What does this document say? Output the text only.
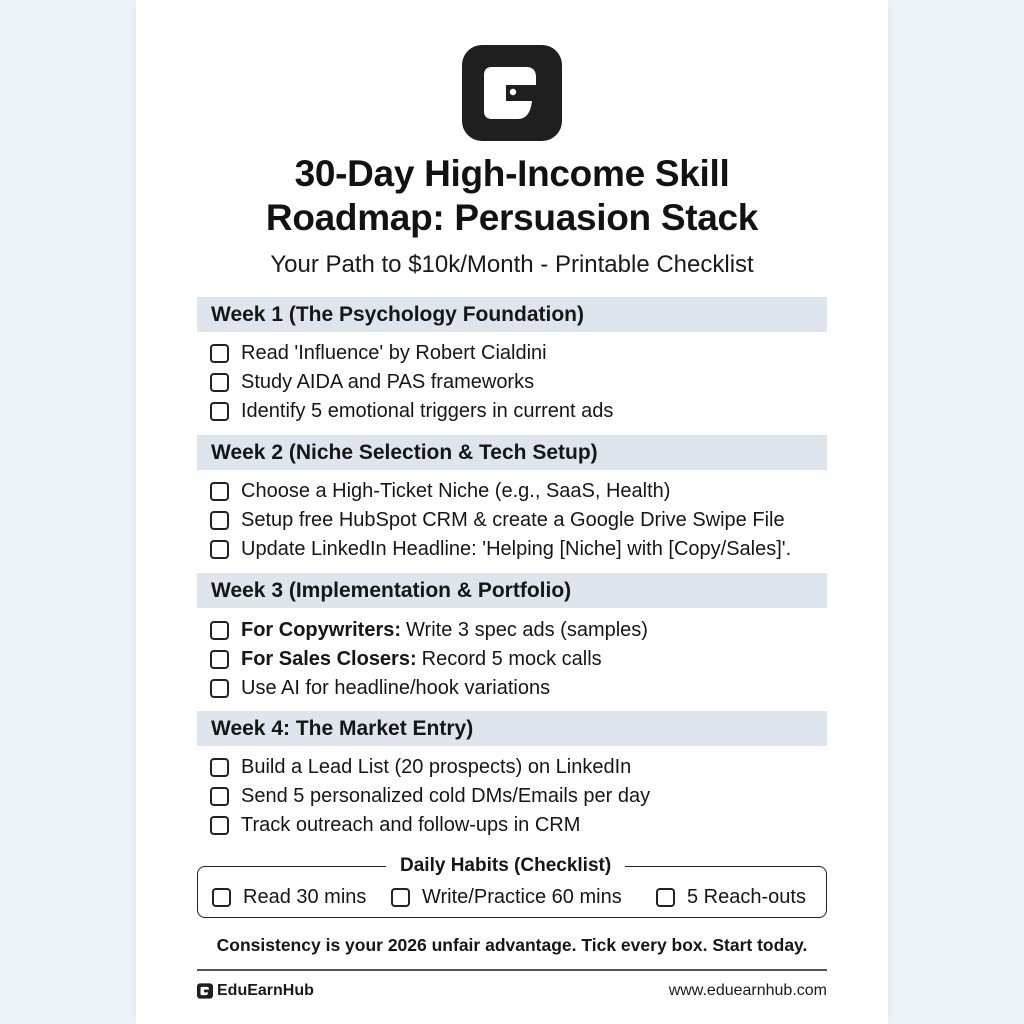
30-Day High-Income Skill
Roadmap: Persuasion Stack
Your Path to $10k/Month - Printable Checklist
Week 1 (The Psychology Foundation)
Read 'Influence' by Robert Cialdini
Study AIDA and PAS frameworks
Identify 5 emotional triggers in current ads
Week 2 (Niche Selection & Tech Setup)
Choose a High-Ticket Niche (e.g., SaaS, Health)
Setup free HubSpot CRM & create a Google Drive Swipe File
Update LinkedIn Headline: 'Helping [Niche] with [Copy/Sales]'.
Week 3 (Implementation & Portfolio)
For Copywriters: Write 3 spec ads (samples)
For Sales Closers: Record 5 mock calls
Use AI for headline/hook variations
Week 4: The Market Entry)
Build a Lead List (20 prospects) on LinkedIn
Send 5 personalized cold DMs/Emails per day
Track outreach and follow-ups in CRM
Daily Habits (Checklist)
Read 30 mins	Write/Practice 60 mins	5 Reach-outs
Consistency is your 2026 unfair advantage. Tick every box. Start today.
EduEarnHub	www.eduearnhub.com
